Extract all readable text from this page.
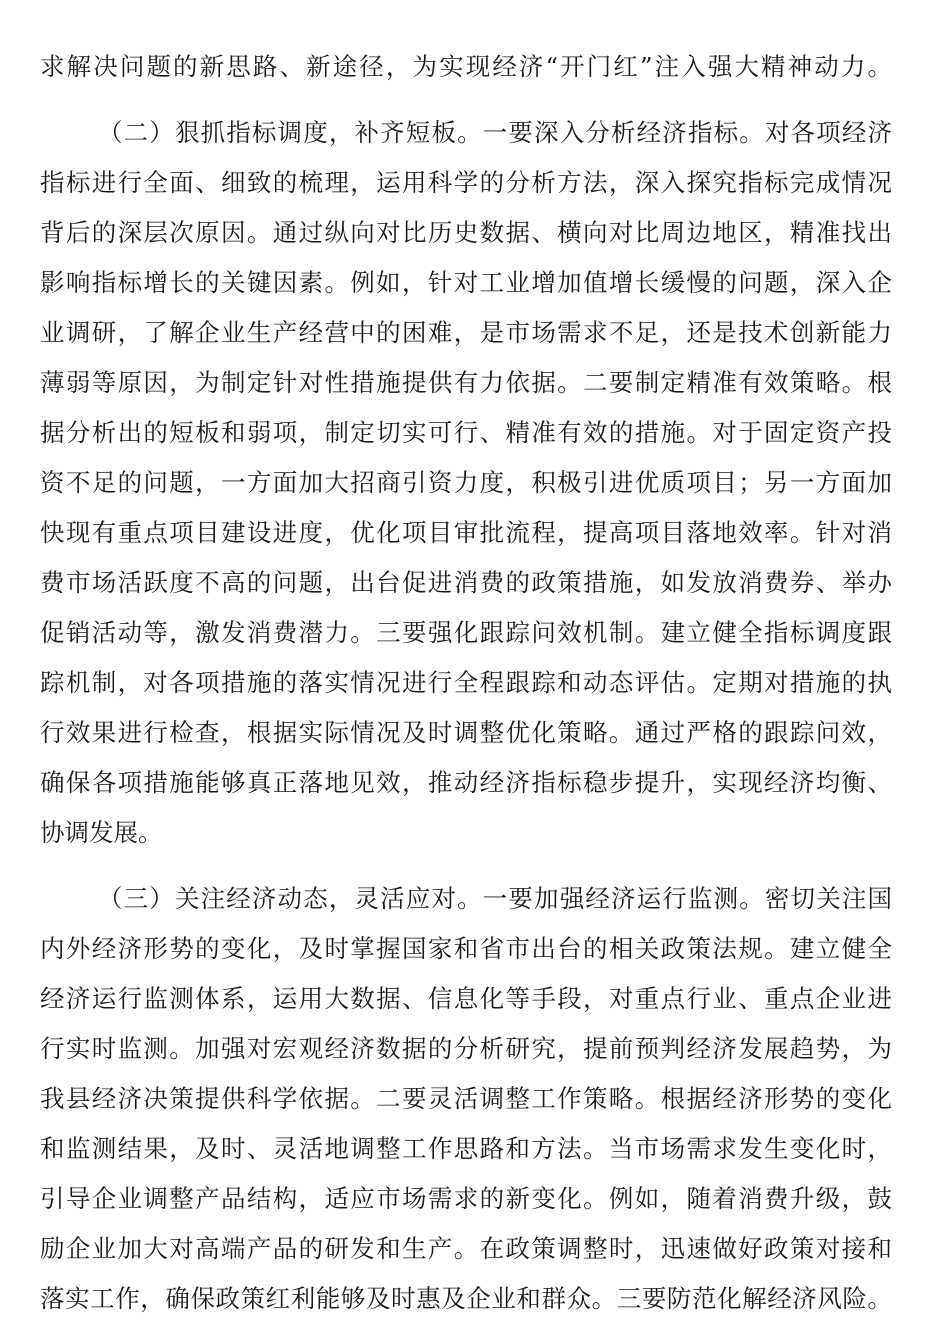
求解决问题的新思路、新途径，为实现经济“开门红”注入强大精神动力。
（二）狠抓指标调度，补齐短板。一要深入分析经济指标。对各项经济
指标进行全面、细致的梳理，运用科学的分析方法，深入探究指标完成情况
背后的深层次原因。通过纵向对比历史数据、横向对比周边地区，精准找出
影响指标增长的关键因素。例如，针对工业增加值增长缓慢的问题，深入企
业调研，了解企业生产经营中的困难，是市场需求不足，还是技术创新能力
薄弱等原因，为制定针对性措施提供有力依据。二要制定精准有效策略。根
据分析出的短板和弱项，制定切实可行、精准有效的措施。对于固定资产投
资不足的问题，一方面加大招商引资力度，积极引进优质项目；另一方面加
快现有重点项目建设进度，优化项目审批流程，提高项目落地效率。针对消
费市场活跃度不高的问题，出台促进消费的政策措施，如发放消费券、举办
促销活动等，激发消费潜力。三要强化跟踪问效机制。建立健全指标调度跟
踪机制，对各项措施的落实情况进行全程跟踪和动态评估。定期对措施的执
行效果进行检查，根据实际情况及时调整优化策略。通过严格的跟踪问效，
确保各项措施能够真正落地见效，推动经济指标稳步提升，实现经济均衡、
协调发展。
（三）关注经济动态，灵活应对。一要加强经济运行监测。密切关注国
内外经济形势的变化，及时掌握国家和省市出台的相关政策法规。建立健全
经济运行监测体系，运用大数据、信息化等手段，对重点行业、重点企业进
行实时监测。加强对宏观经济数据的分析研究，提前预判经济发展趋势，为
我县经济决策提供科学依据。二要灵活调整工作策略。根据经济形势的变化
和监测结果，及时、灵活地调整工作思路和方法。当市场需求发生变化时，
引导企业调整产品结构，适应市场需求的新变化。例如，随着消费升级，鼓
励企业加大对高端产品的研发和生产。在政策调整时，迅速做好政策对接和
落实工作，确保政策红利能够及时惠及企业和群众。三要防范化解经济风险。
